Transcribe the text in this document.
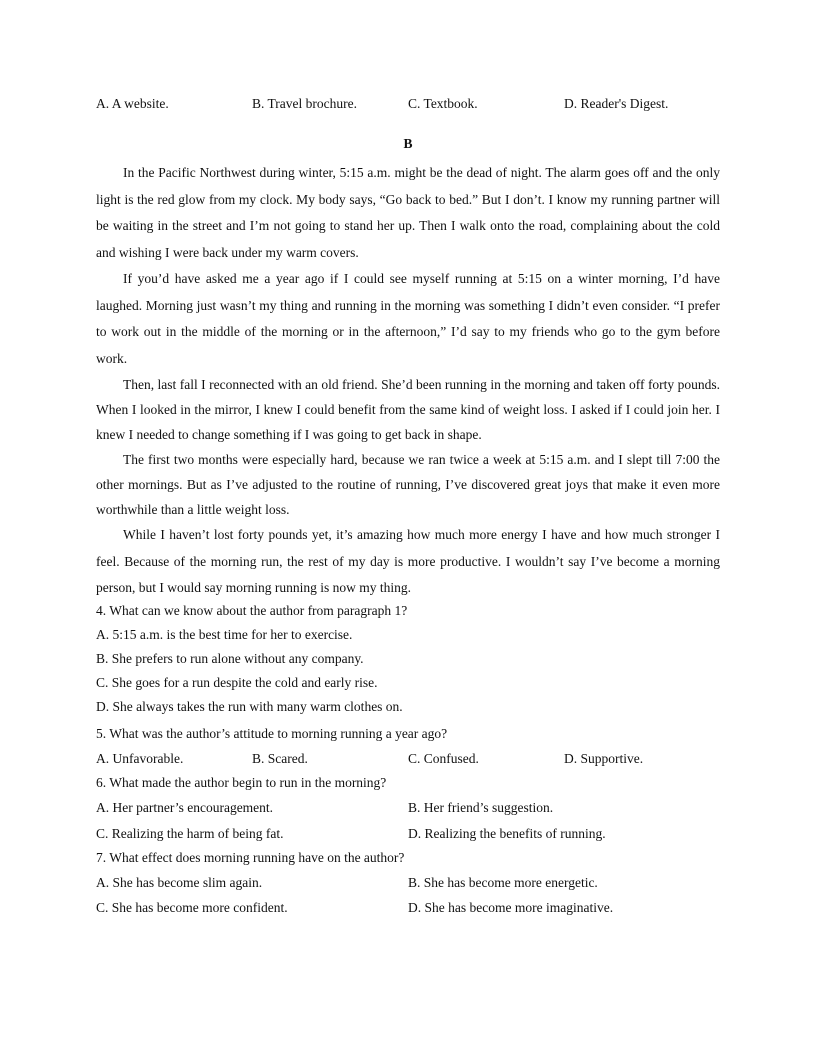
A. A website.	B. Travel brochure.	C. Textbook.	D. Reader's Digest.
B

In the Pacific Northwest during winter, 5:15 a.m. might be the dead of night. The alarm goes off and the only light is the red glow from my clock. My body says, “Go back to bed.” But I don’t. I know my running partner will be waiting in the street and I’m not going to stand her up. Then I walk onto the road, complaining about the cold and wishing I were back under my warm covers.

If you’d have asked me a year ago if I could see myself running at 5:15 on a winter morning, I’d have laughed. Morning just wasn’t my thing and running in the morning was something I didn’t even consider. “I prefer to work out in the middle of the morning or in the afternoon,” I’d say to my friends who go to the gym before work.

Then, last fall I reconnected with an old friend. She’d been running in the morning and taken off forty pounds. When I looked in the mirror, I knew I could benefit from the same kind of weight loss. I asked if I could join her. I knew I needed to change something if I was going to get back in shape.

The first two months were especially hard, because we ran twice a week at 5:15 a.m. and I slept till 7:00 the other mornings. But as I’ve adjusted to the routine of running, I’ve discovered great joys that make it even more worthwhile than a little weight loss.

While I haven’t lost forty pounds yet, it’s amazing how much more energy I have and how much stronger I feel. Because of the morning run, the rest of my day is more productive. I wouldn’t say I’ve become a morning person, but I would say morning running is now my thing.

4. What can we know about the author from paragraph 1?
A. 5:15 a.m. is the best time for her to exercise.
B. She prefers to run alone without any company.
C. She goes for a run despite the cold and early rise.
D. She always takes the run with many warm clothes on.
5. What was the author’s attitude to morning running a year ago?
A. Unfavorable.	B. Scared.	C. Confused.	D. Supportive.
6. What made the author begin to run in the morning?
A. Her partner’s encouragement.	B. Her friend’s suggestion.
C. Realizing the harm of being fat.	D. Realizing the benefits of running.
7. What effect does morning running have on the author?
A. She has become slim again.	B. She has become more energetic.
C. She has become more confident.	D. She has become more imaginative.
